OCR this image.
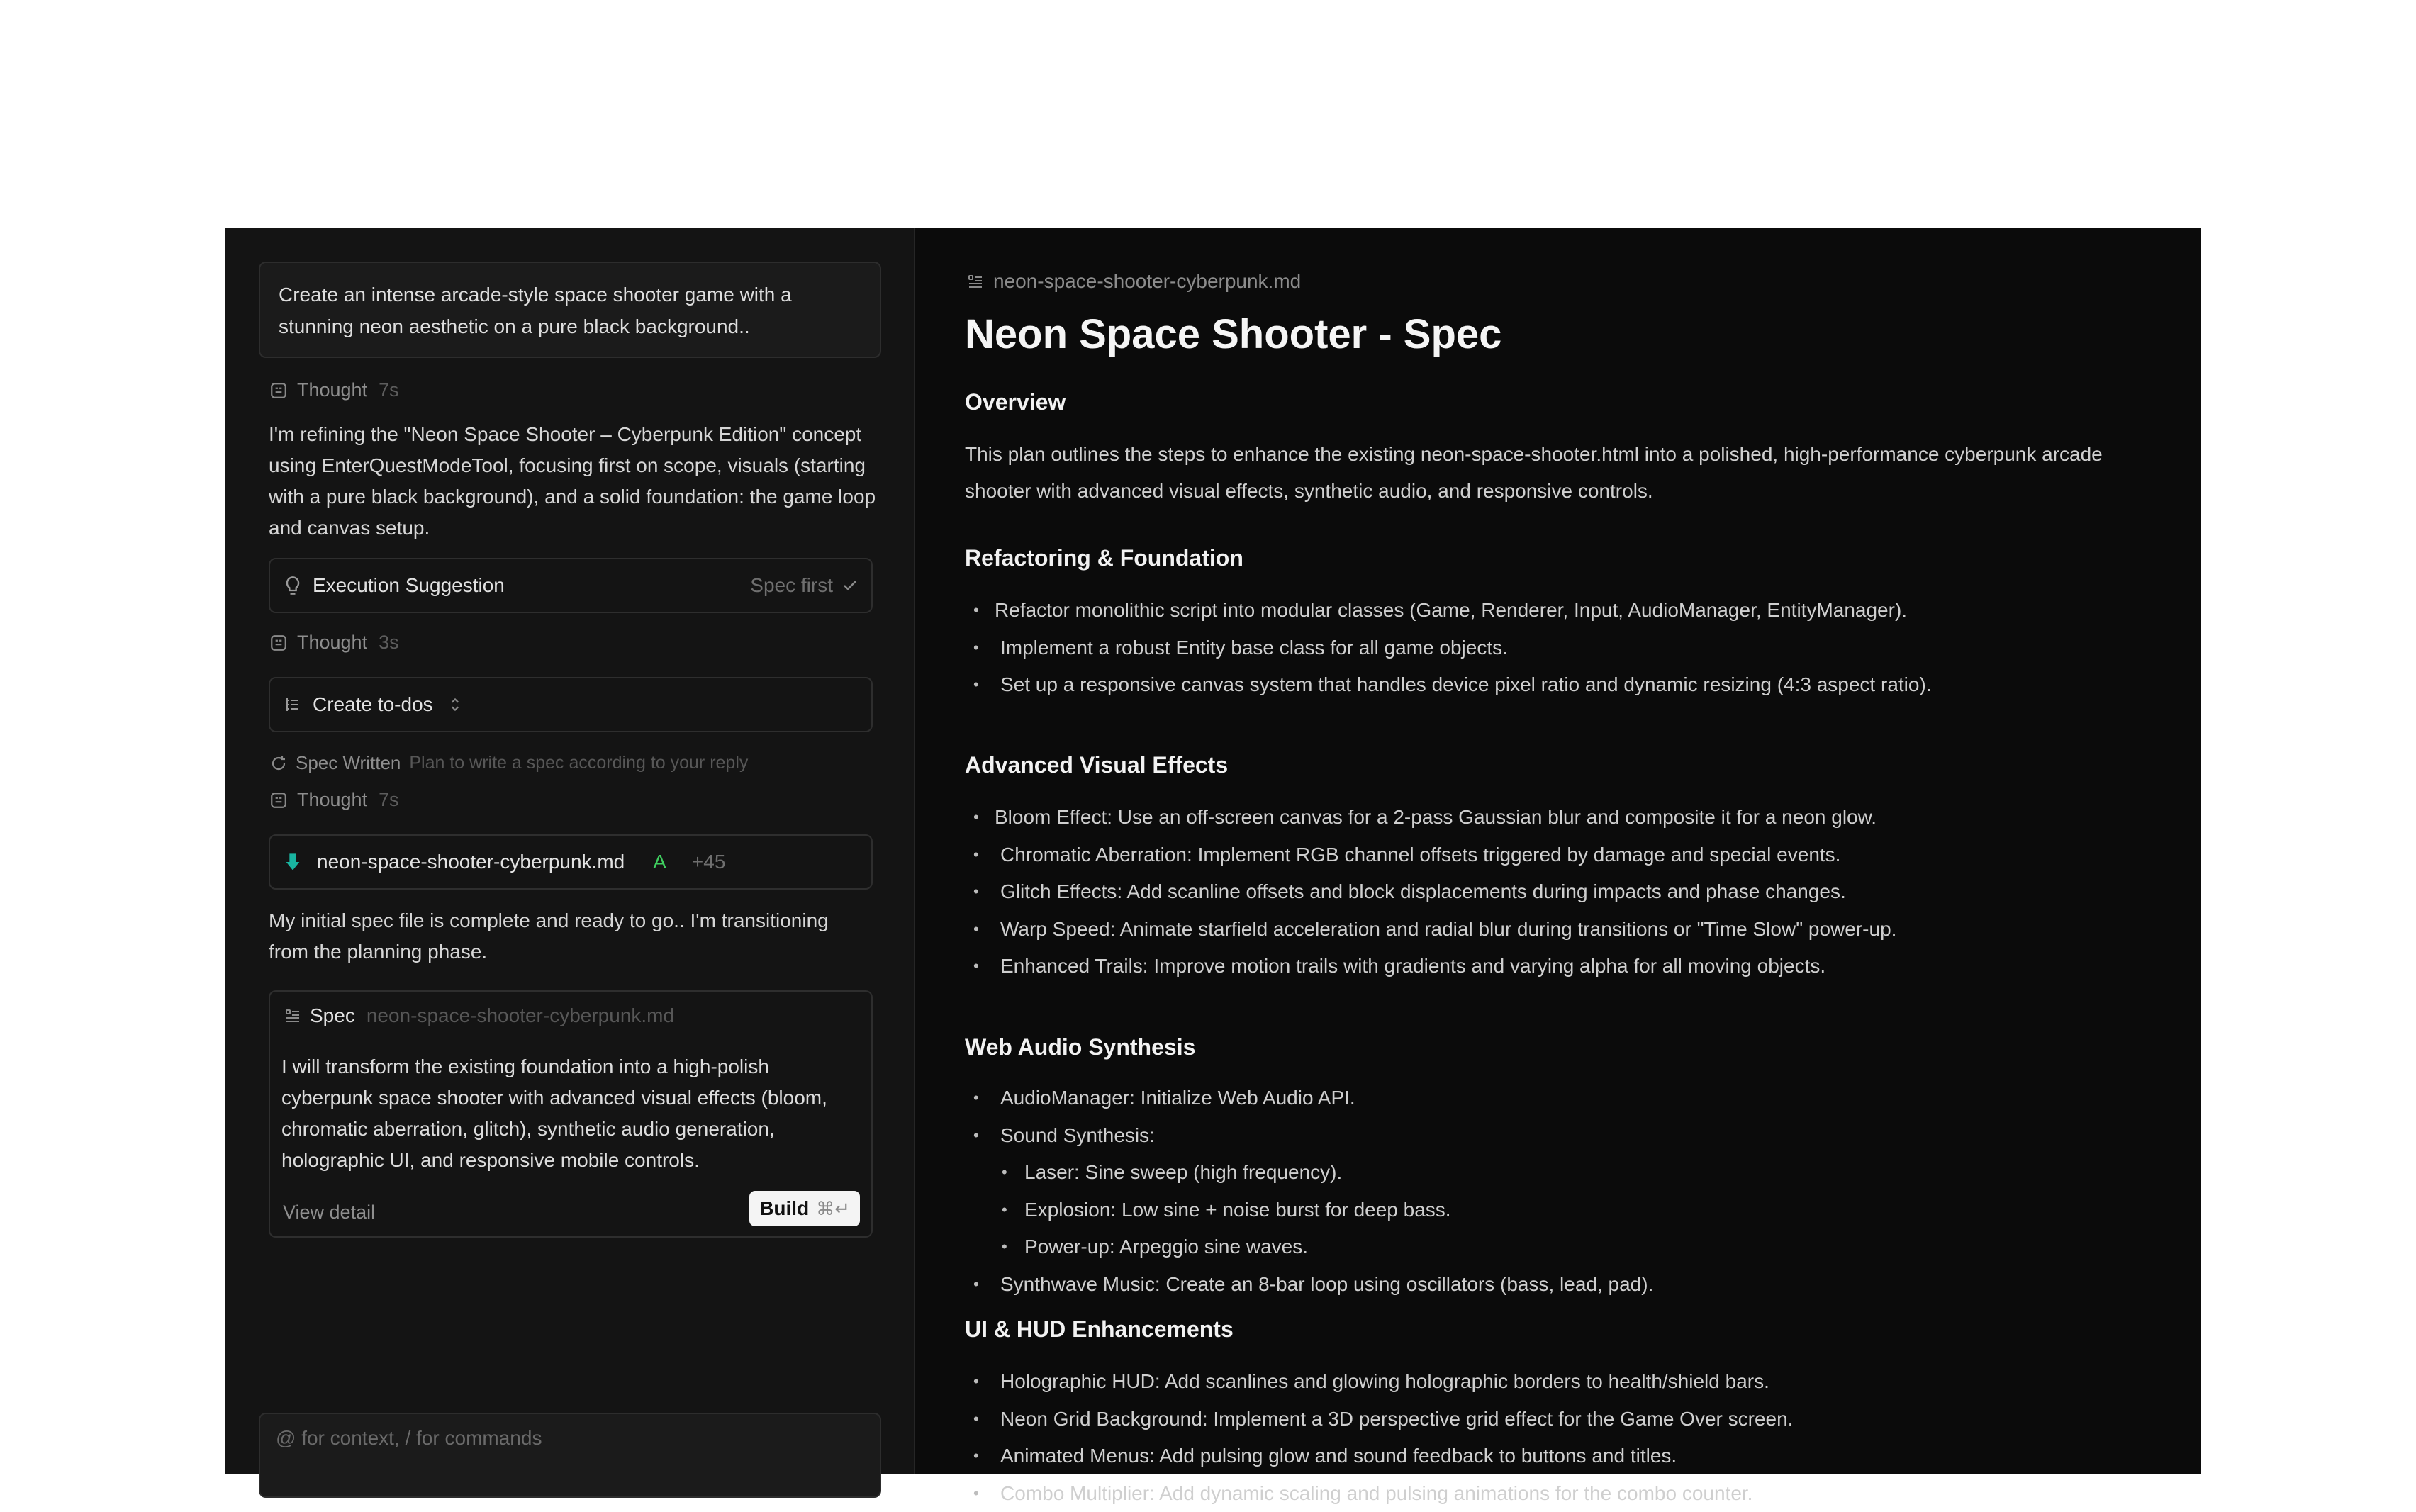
Create an intense arcade-style space shooter game with a stunning neon aesthetic on a pure black background..
Thought 7s
I'm refining the "Neon Space Shooter – Cyberpunk Edition" concept using EnterQuestModeTool, focusing first on scope, visuals (starting with a pure black background), and a solid foundation: the game loop and canvas setup.
Execution Suggestion	Spec first
Thought 3s
Create to-dos
Spec Written Plan to write a spec according to your reply
Thought 7s
neon-space-shooter-cyberpunk.md A +45
My initial spec file is complete and ready to go.. I'm transitioning from the planning phase.
Spec neon-space-shooter-cyberpunk.md
I will transform the existing foundation into a high-polish cyberpunk space shooter with advanced visual effects (bloom, chromatic aberration, glitch), synthetic audio generation, holographic UI, and responsive mobile controls.
View detail	Build ⌘↵
@ for context, / for commands
neon-space-shooter-cyberpunk.md
Neon Space Shooter - Spec
Overview

This plan outlines the steps to enhance the existing neon-space-shooter.html into a polished, high-performance cyberpunk arcade shooter with advanced visual effects, synthetic audio, and responsive controls.

Refactoring & Foundation
• Refactor monolithic script into modular classes (Game, Renderer, Input, AudioManager, EntityManager).
• Implement a robust Entity base class for all game objects.
• Set up a responsive canvas system that handles device pixel ratio and dynamic resizing (4:3 aspect ratio).
Advanced Visual Effects
• Bloom Effect: Use an off-screen canvas for a 2-pass Gaussian blur and composite it for a neon glow.
• Chromatic Aberration: Implement RGB channel offsets triggered by damage and special events.
• Glitch Effects: Add scanline offsets and block displacements during impacts and phase changes.
• Warp Speed: Animate starfield acceleration and radial blur during transitions or "Time Slow" power-up.
• Enhanced Trails: Improve motion trails with gradients and varying alpha for all moving objects.
Web Audio Synthesis
• AudioManager: Initialize Web Audio API.
• Sound Synthesis:
• Laser: Sine sweep (high frequency).
• Explosion: Low sine + noise burst for deep bass.
• Power-up: Arpeggio sine waves.
• Synthwave Music: Create an 8-bar loop using oscillators (bass, lead, pad).
UI & HUD Enhancements
• Holographic HUD: Add scanlines and glowing holographic borders to health/shield bars.
• Neon Grid Background: Implement a 3D perspective grid effect for the Game Over screen.
• Animated Menus: Add pulsing glow and sound feedback to buttons and titles.
• Combo Multiplier: Add dynamic scaling and pulsing animations for the combo counter.
